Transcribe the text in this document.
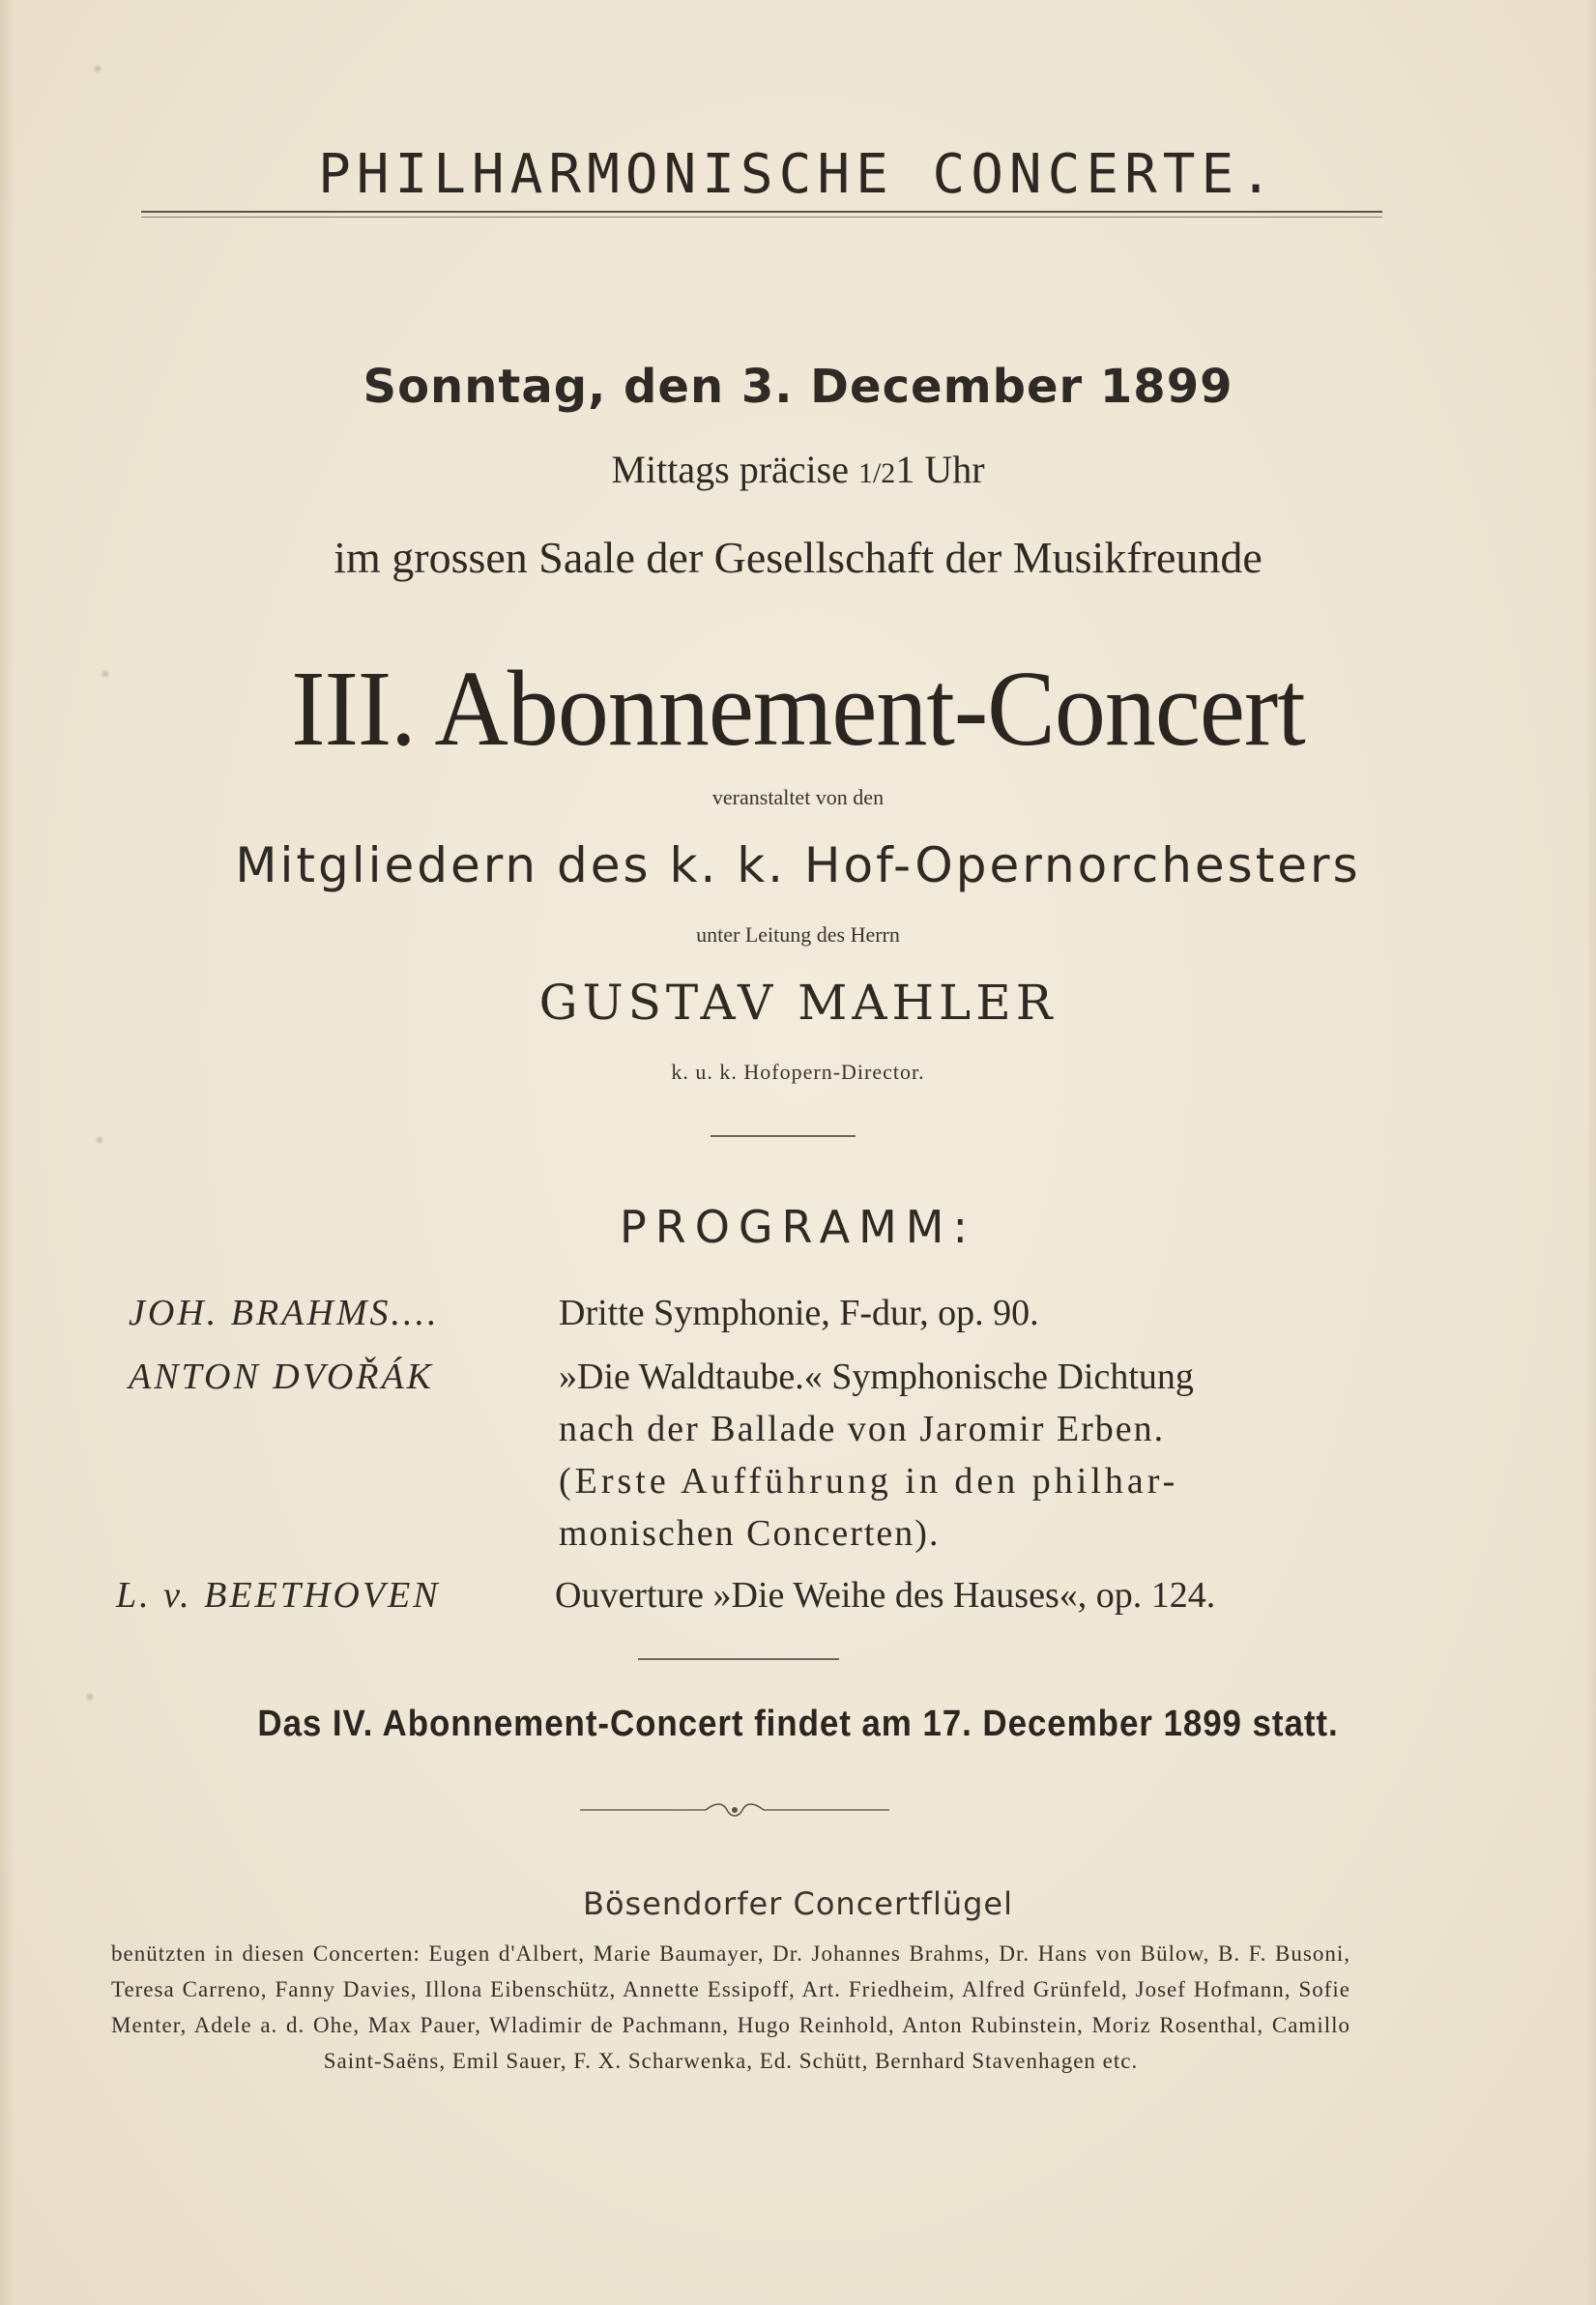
PHILHARMONISCHE CONCERTE.
Sonntag, den 3. December 1899
Mittags präcise 1/21 Uhr
im grossen Saale der Gesellschaft der Musikfreunde
III. Abonnement-Concert
veranstaltet von den
Mitgliedern des k. k. Hof-Opernorchesters
unter Leitung des Herrn
GUSTAV MAHLER
k. u. k. Hofopern-Director.
PROGRAMM:
JOH. BRAHMS....	Dritte Symphonie, F-dur, op. 90.
ANTON DVOŘÁK	»Die Waldtaube.« Symphonische Dichtung
nach der Ballade von Jaromir Erben.
(Erste Aufführung in den philhar-
monischen Concerten).
L. v. BEETHOVEN	Ouverture »Die Weihe des Hauses«, op. 124.
Das IV. Abonnement-Concert findet am 17. December 1899 statt.
Bösendorfer Concertflügel
benützten in diesen Concerten: Eugen d'Albert, Marie Baumayer, Dr. Johannes Brahms, Dr. Hans von Bülow, B. F. Busoni, Teresa Carreno, Fanny Davies, Illona Eibenschütz, Annette Essipoff, Art. Friedheim, Alfred Grünfeld, Josef Hofmann, Sofie Menter, Adele a. d. Ohe, Max Pauer, Wladimir de Pachmann, Hugo Reinhold, Anton Rubinstein, Moriz Rosenthal, Camillo Saint-Saëns, Emil Sauer, F. X. Scharwenka, Ed. Schütt, Bernhard Stavenhagen etc.
